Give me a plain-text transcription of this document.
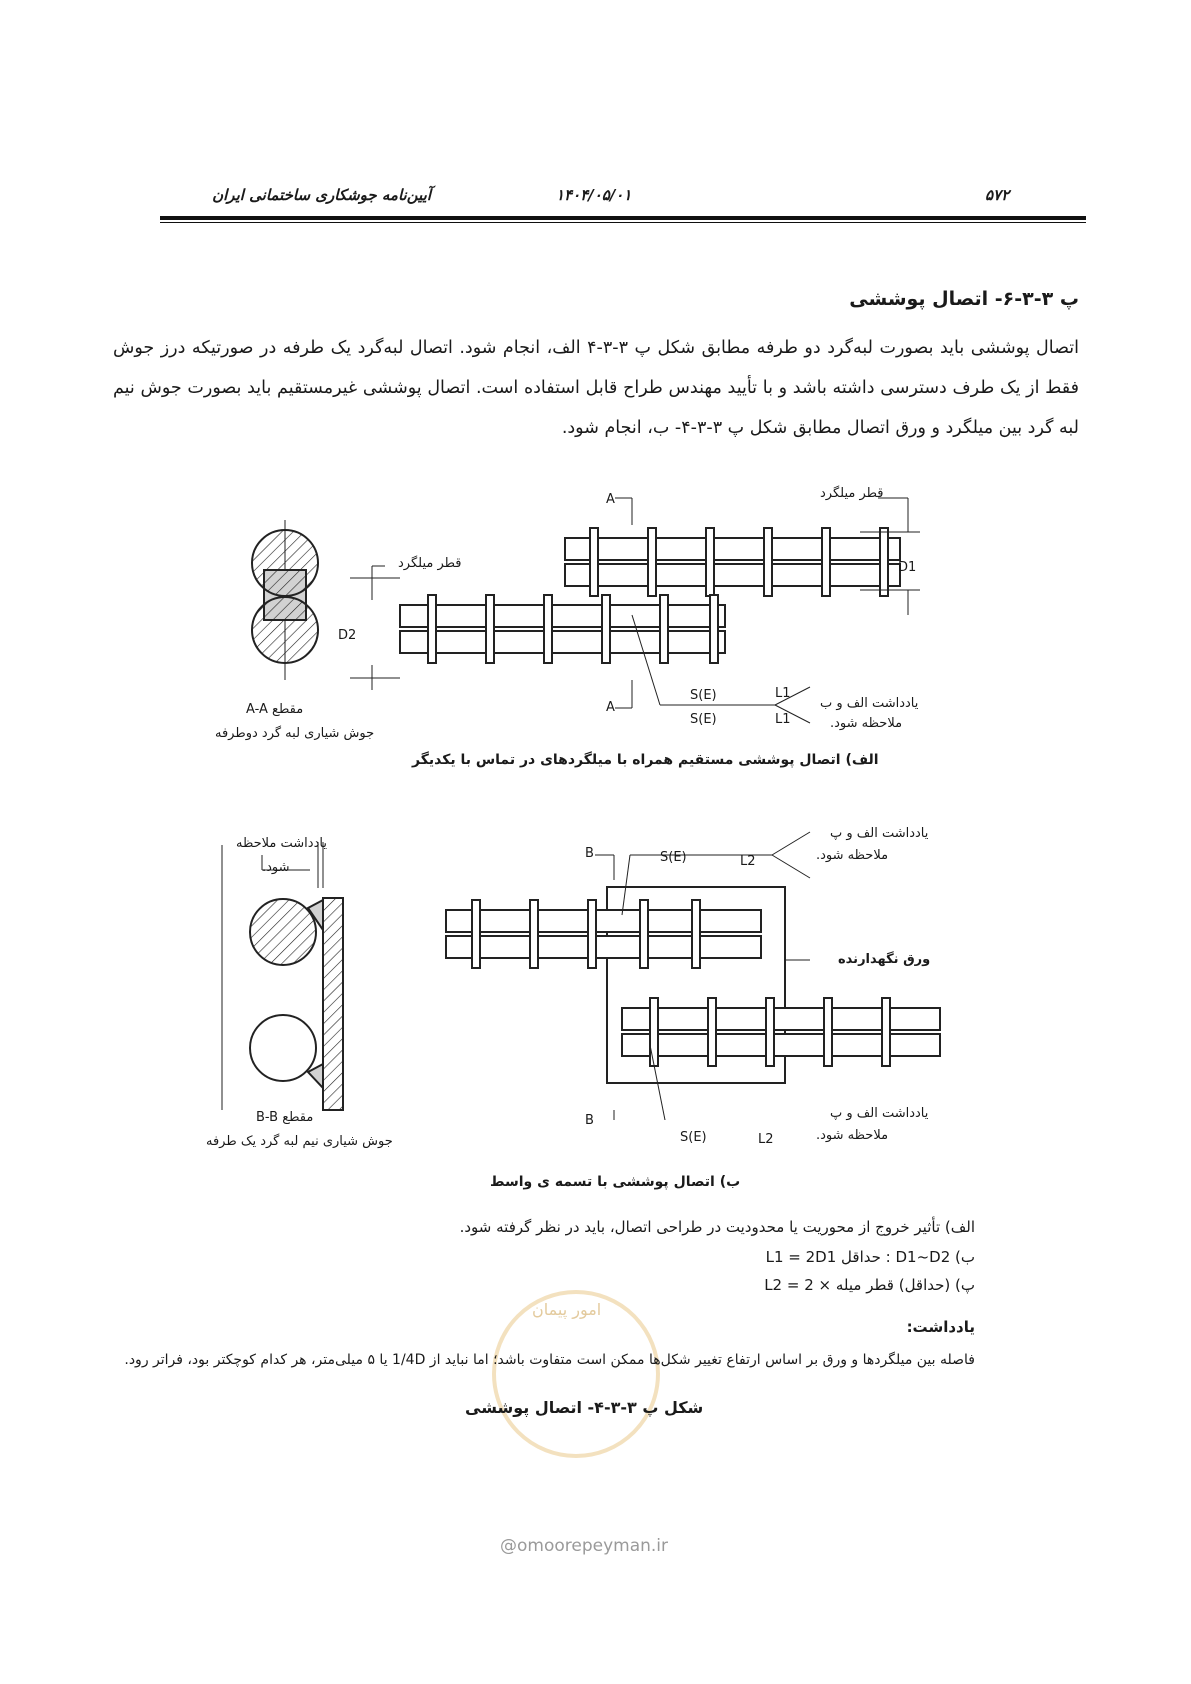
۵۷۲
۱۴۰۴/۰۵/۰۱
آیین‌نامه جوشکاری ساختمانی ایران
پ ۳-۳-۶- اتصال پوششی
اتصال پوششی باید بصورت لبه‌گرد دو طرفه مطابق شکل پ ۳-۳-۴ الف، انجام شود. اتصال لبه‌گرد یک طرفه در صورتیکه درز جوش فقط از یک طرف دسترسی داشته باشد و با تأیید مهندس طراح قابل استفاده است. اتصال پوششی غیرمستقیم باید بصورت جوش نیم لبه گرد بین میلگرد و ورق اتصال مطابق شکل پ ۳-۳-۴- ب، انجام شود.
قطر میلگرد
قطر میلگرد	D1
D2
A
A
S(E)
S(E)
L1
L1
یادداشت الف و ب
ملاحظه شود.
مقطع A-A
جوش شیاری لبه گرد دوطرفه
الف) اتصال پوششی مستقیم همراه با میلگردهای در تماس با یکدیگر
یادداشت ملاحظه
شود.
B
B
S(E)
S(E)
L2
L2
یادداشت الف و پ
ملاحظه شود.
ورق نگهدارنده
یادداشت الف و پ
ملاحظه شود.
مقطع B-B
جوش شیاری نیم لبه گرد یک طرفه
ب) اتصال پوششی با تسمه ی واسط
الف) تأثیر خروج از محوریت یا محدودیت در طراحی اتصال، باید در نظر گرفته شود.
ب) D1~D2 : حداقل L1 = 2D1
پ) (حداقل) قطر میله × 2 = L2
یادداشت:
فاصله بین میلگردها و ورق بر اساس ارتفاع تغییر شکل‌ها ممکن است متفاوت باشد؛ اما نباید از 1/4D یا ۵ میلی‌متر، هر کدام کوچکتر بود، فراتر رود.
شکل پ ۳-۳-۴- اتصال پوششی
امور پیمان
@omoorepeyman.ir
